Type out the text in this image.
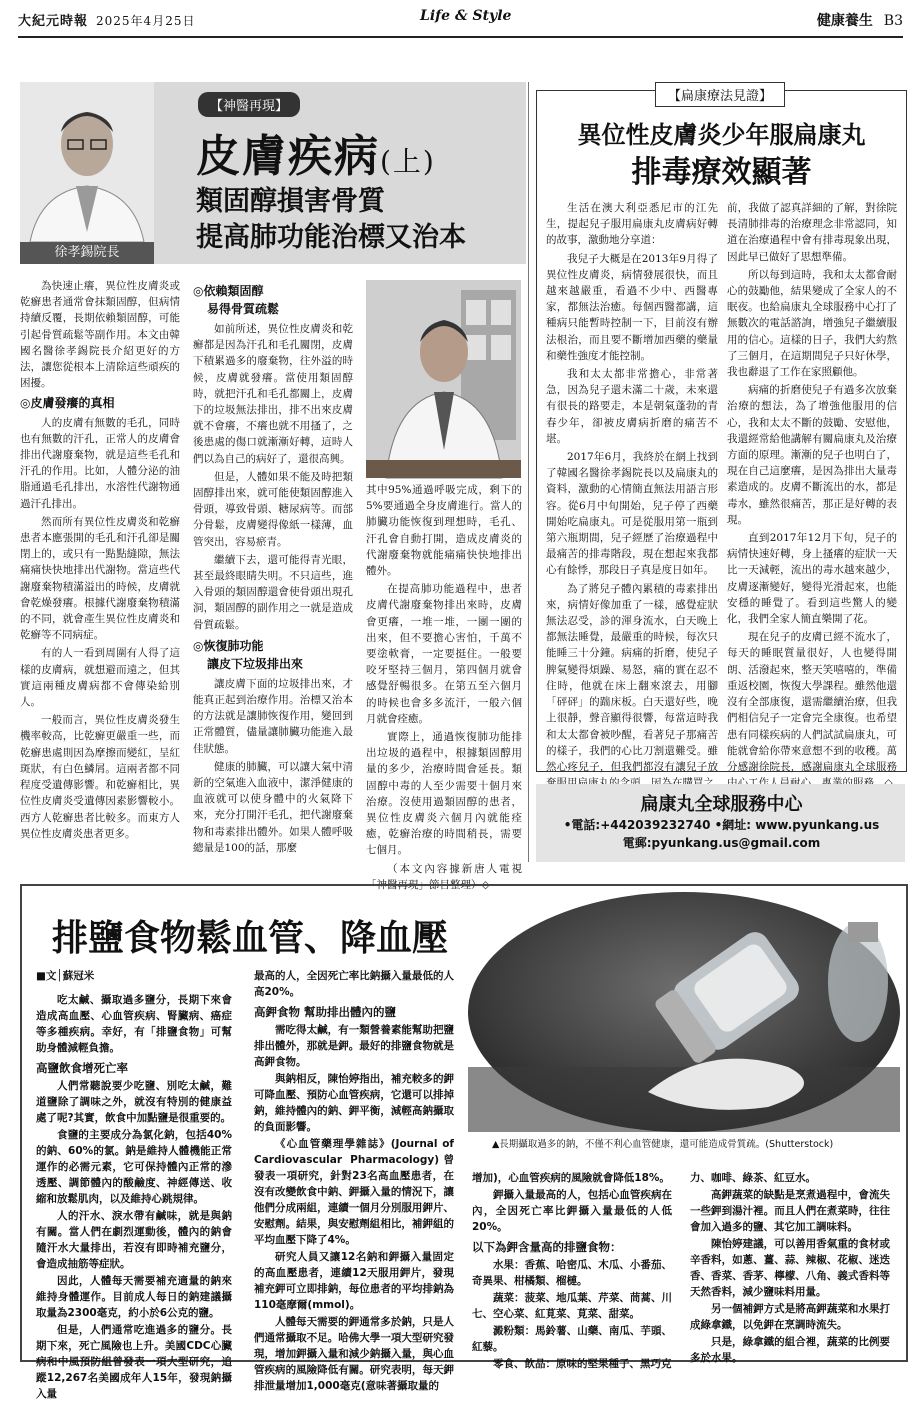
大紀元時報 2025年4月25日	Life & Style	健康養生 B3
徐孝錫院長
【神醫再現】
皮膚疾病(上)
類固醇損害骨質
提高肺功能治標又治本

為快速止癢，異位性皮膚炎或乾癬患者通常會抹類固醇，但病情持續反覆，長期依賴類固醇，可能引起骨質疏鬆等副作用。本文由韓國名醫徐孝錫院長介紹更好的方法，讓您從根本上清除這些頑疾的困擾。

◎皮膚發癢的真相

人的皮膚有無數的毛孔，同時也有無數的汗孔，正常人的皮膚會排出代謝廢棄物，就是這些毛孔和汗孔的作用。比如，人體分泌的油脂通過毛孔排出，水溶性代謝物通過汗孔排出。

然而所有異位性皮膚炎和乾癬患者本應張開的毛孔和汗孔卻是關閉上的，或只有一點點縫隙，無法痛痛快快地排出代謝物。當這些代謝廢棄物積滿溢出的時候，皮膚就會乾燥發癢。根據代謝廢棄物積滿的不同，就會產生異位性皮膚炎和乾癬等不同病症。

有的人一看到周圍有人得了這樣的皮膚病，就想避而遠之，但其實這兩種皮膚病都不會傳染給別人。

一般而言，異位性皮膚炎發生機率較高，比乾癬更嚴重一些，而乾癬患處則因為摩擦而變紅，呈紅斑狀，有白色鱗屑。這兩者都不同程度受遺傳影響。和乾癬相比，異位性皮膚炎受遺傳因素影響較小。西方人乾癬患者比較多。而東方人異位性皮膚炎患者更多。

◎依賴類固醇
易得骨質疏鬆

如前所述，異位性皮膚炎和乾癬都是因為汗孔和毛孔關閉，皮膚下積累過多的廢棄物，往外溢的時候，皮膚就發癢。當使用類固醇時，就把汗孔和毛孔都關上，皮膚下的垃圾無法排出，排不出來皮膚就不會癢，不癢也就不用搔了，之後患處的傷口就漸漸好轉，這時人們以為自己的病好了，還很高興。

但是，人體如果不能及時把類固醇排出來，就可能使類固醇進入骨頭，導致骨頭、糖尿病等。而部分骨鬆，皮膚變得像紙一樣薄，血管突出，容易瘀青。

繼續下去，還可能得青光眼，甚至最終眼睛失明。不只這些，進入骨頭的類固醇還會使骨頭出現孔洞，類固醇的副作用之一就是造成骨質疏鬆。

◎恢復肺功能
讓皮下垃圾排出來

讓皮膚下面的垃圾排出來，才能真正起到治療作用。治標又治本的方法就是讓肺恢復作用，變回到正常體質，儘量讓肺臟功能進入最佳狀態。

健康的肺臟，可以讓大氣中清新的空氣進入血液中，潔淨健康的血液就可以使身體中的火氣降下來，充分打開汗毛孔，把代謝廢棄物和毒素排出體外。如果人體呼吸總量是100的話，那麼

其中95%通過呼吸完成，剩下的5%要通過全身皮膚進行。當人的肺臟功能恢復到理想時，毛孔、汗孔會自動打開，造成皮膚炎的代謝廢棄物就能痛痛快快地排出體外。

在提高肺功能過程中，患者皮膚代謝廢棄物排出來時，皮膚會更癢，一堆一堆，一團一團的出來，但不要擔心害怕，千萬不要塗軟膏，一定要挺住。一般要咬牙堅持三個月，第四個月就會感覺舒暢很多。在第五至六個月的時候也會多多流汗，一般六個月就會痊癒。

實際上，通過恢復肺功能排出垃圾的過程中，根據類固醇用量的多少，治療時間會延長。類固醇中毒的人至少需要十個月來治療。沒使用過類固醇的患者，異位性皮膚炎六個月內就能痊癒，乾癬治療的時間稍長，需要七個月。

（本文內容據新唐人電視「神醫再現」節目整理）◇

【扁康療法見證】
異位性皮膚炎少年服扁康丸
排毒療效顯著

生活在澳大利亞悉尼市的江先生，提起兒子服用扁康丸皮膚病好轉的故事，激動地分享道：

我兒子大概是在2013年9月得了異位性皮膚炎，病情發展很快，而且越來越嚴重，看過不少中、西醫專家，都無法治癒。每個西醫都講，這種病只能暫時控制一下，目前沒有辦法根治，而且要不斷增加西藥的藥量和藥性強度才能控制。

我和太太都非常擔心，非常著急，因為兒子還未滿二十歲，未來還有很長的路要走，本是朝氣蓬勃的青春少年，卻被皮膚病折磨的痛苦不堪。

2017年6月，我終於在網上找到了韓國名醫徐孝錫院長以及扁康丸的資料，激動的心情簡直無法用語言形容。從6月中旬開始，兒子停了西藥開始吃扁康丸。可是從服用第一瓶到第六瓶期間，兒子經歷了治療過程中最痛苦的排毒階段，現在想起來我都心有餘悸，那段日子真是度日如年。

為了將兒子體內累積的毒素排出來，病情好像加重了一樣，感覺症狀無法忍受，診的渾身流水，白天晚上都無法睡覺，最嚴重的時候，每次只能睡三十分鐘。病痛的折磨，使兒子脾氣變得煩躁、易怒，痛的實在忍不住時，他就在床上翻來滾去，用腳「砰砰」的踹床板。白天還好些，晚上很靜，聲音顯得很響，每當這時我和太太都會被吵醒，看著兒子那痛苦的樣子，我們的心比刀割還難受。雖然心疼兒子，但我們都沒有讓兒子放

前，我做了認真詳細的了解，對徐院長清肺排毒的治療理念非常認同，知道在治療過程中會有排毒現象出現，因此早已做好了思想準備。

所以每到這時，我和太太都會耐心的鼓勵他，結果變成了全家人的不眠夜。也給扁康丸全球服務中心打了無數次的電話諮詢，增強兒子繼續服用的信心。這樣的日子，我們大約熬了三個月，在這期間兒子只好休學，我也辭退了工作在家照顧他。

病痛的折磨使兒子有過多次放棄治療的想法，為了增強他服用的信心，我和太太不斷的鼓勵、安慰他，我還經常給他講解有關扁康丸及治療方面的原理。漸漸的兒子也明白了，現在自己這麼癢，是因為排出大量毒素造成的。皮膚不斷流出的水，都是毒水，雖然很痛苦，那正是好轉的表現。

直到2017年12月下旬，兒子的病情快速好轉，身上搔癢的症狀一天比一天減輕，流出的毒水越來越少，皮膚逐漸變好，變得光滑起來，也能安穩的睡覺了。看到這些驚人的變化，我們全家人簡直樂開了花。

現在兒子的皮膚已經不流水了，每天的睡眠質量很好，人也變得開朗、活潑起來，整天笑嘻嘻的，準備重返校園，恢復大學課程。雖然他還沒有全部康復，還需繼續治療，但我們相信兒子一定會完全康復。也希望患有同樣疾病的人們試試扁康丸，可能就會給你帶來意想不到的收穫。萬分感謝徐院長，感謝扁康丸全球服務

扁康丸全球服務中心
•電話:+4420392327​40 •網址: www.pyunkang.us
電郵:pyunkang.us@gmail.com
排鹽食物鬆血管、降血壓
▲長期攝取過多的鈉，不僅不利心血管健康，還可能造成骨質疏。(Shutterstock)
■文│蘇冠米

吃太鹹、攝取過多鹽分，長期下來會造成高血壓、心血管疾病、腎臟病、癌症等多種疾病。幸好，有「排鹽食物」可幫助身體減輕負擔。

高鹽飲食增死亡率

人們常聽說要少吃鹽、別吃太鹹，難道鹽除了調味之外，就沒有特別的健康益處了呢?其實，飲食中加點鹽是很重要的。

食鹽的主要成分為氯化鈉，包括40%的鈉、60%的氯。鈉是維持人體機能正常運作的必需元素，它可保持體內正常的滲透壓、調節體內的酸鹼度、神經傳送、收縮和放鬆肌肉，以及維持心跳規律。

人的汗水、淚水帶有鹹味，就是與鈉有關。當人們在劇烈運動後，體內的鈉會隨汗水大量排出，若沒有即時補充鹽分，會造成抽筋等症狀。

因此，人體每天需要補充適量的鈉來維持身體運作。目前成人每日的鈉建議攝取量為2300毫克，約小於6公克的鹽。

但是，人們通常吃進過多的鹽分。長期下來，死亡風險也上升。美國CDC心臟病和中風預防組曾發表一項大型研究，追蹤12,267名美國成年人15年，發現鈉攝入量

最高的人，全因死亡率比鈉攝入量最低的人高20%。

高鉀食物 幫助排出體內的鹽

需吃得太鹹，有一類營養素能幫助把鹽排出體外，那就是鉀。最好的排鹽食物就是高鉀食物。

與鈉相反，陳怡婷指出，補充較多的鉀可降血壓、預防心血管疾病，它還可以排掉鈉，維持體內的鈉、鉀平衡，減輕高鈉攝取的負面影響。

《心血管藥理學雜誌》(Journal of Cardiovascular Pharmacology)曾發表一項研究，針對23名高血壓患者，在沒有改變飲食中鈉、鉀攝入量的情況下，讓他們分成兩組，連續一個月分別服用鉀片、安慰劑。結果，與安慰劑組相比，補鉀組的平均血壓下降了4%。

研究人員又讓12名鈉和鉀攝入量固定的高血壓患者，連續12天服用鉀片，發現補充鉀可立即排鈉，每位患者的平均排鈉為110毫摩爾(mmol)。

人體每天需要的鉀通常多於鈉，只是人們通常攝取不足。哈佛大學一項大型研究發現，增加鉀攝入量和減少鈉攝入量，與心血管疾病的風險降低有關。研究表明，每天鉀排泄量增加1,000毫克(意味著攝取量的

增加)，心血管疾病的風險就會降低18%。

鉀攝入量最高的人，包括心血管疾病在內，全因死亡率比鉀攝入量最低的人低20%。

以下為鉀含量高的排鹽食物：

水果：香蕉、哈密瓜、木瓜、小番茄、奇異果、柑橘類、榴槤。

蔬菜：菠菜、地瓜葉、芹菜、茼蒿、川七、空心菜、紅莧菜、莧菜、甜菜。

澱粉類：馬鈴薯、山藥、南瓜、芋頭、紅藜。

零食、飲品：原味的堅果種子、黑巧克

力、咖啡、綠茶、紅豆水。

高鉀蔬菜的缺點是烹煮過程中，會流失一些鉀到湯汁裡。而且人們在煮菜時，往往會加入過多的鹽、其它加工調味料。

陳怡婷建議，可以善用香氣重的食材或辛香料，如蔥、薑、蒜、辣椒、花椒、迷迭香、香菜、香茅、檸檬、八角、義式香料等天然香料，減少鹽味料用量。

另一個補鉀方式是將高鉀蔬菜和水果打成綠拿鐵，以免鉀在烹調時流失。

只是，綠拿鐵的組合裡，蔬菜的比例要多於水果。
